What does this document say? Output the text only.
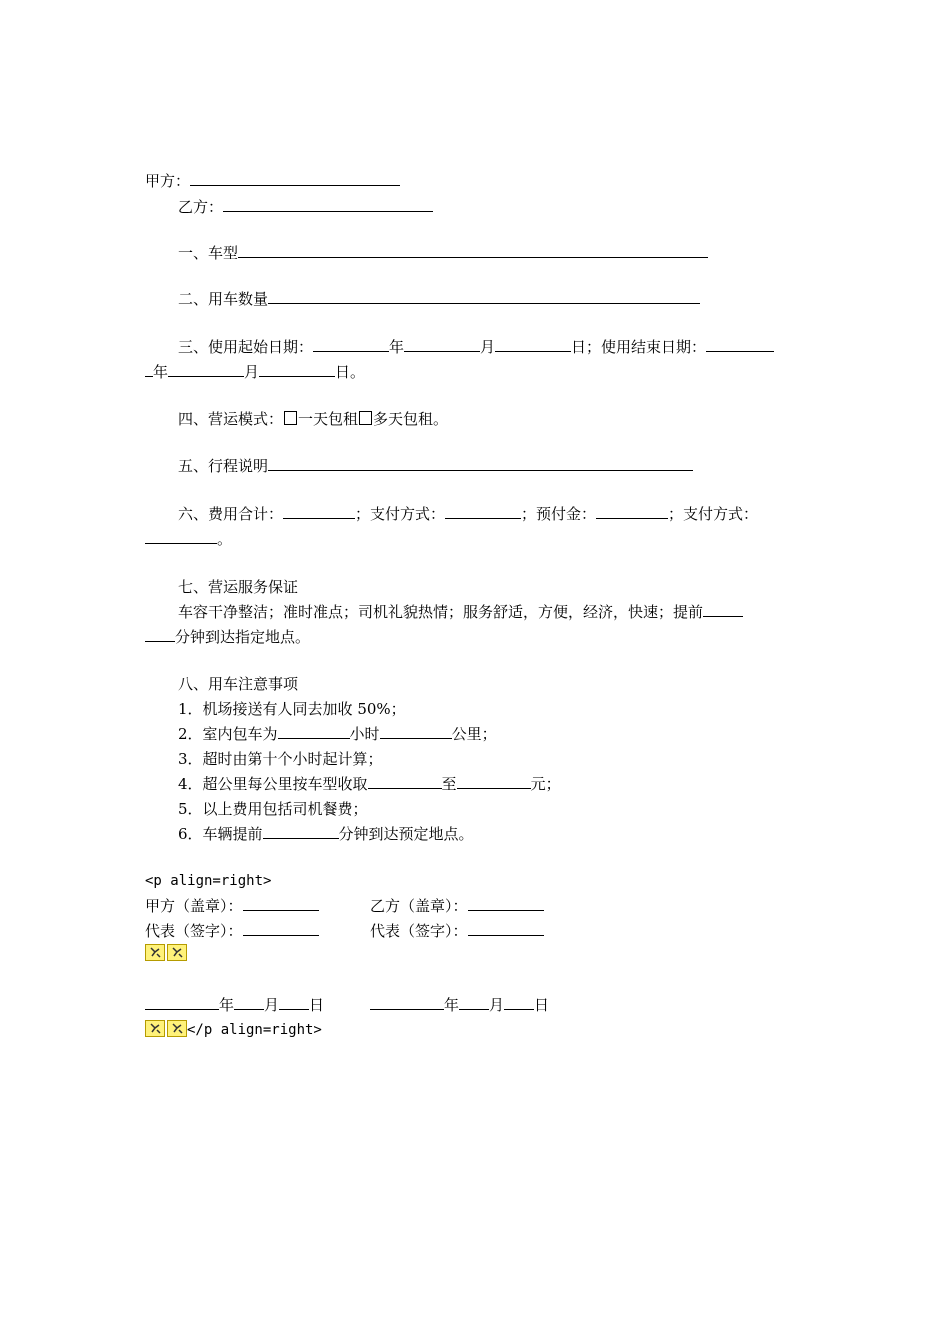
甲方：
乙方：
一、车型
二、用车数量
三、使用起始日期：	年	月	日；使用结束日期：
年	月	日。
四、营运模式： 一天包租 多天包租。
五、行程说明
六、费用合计：	；支付方式：	；预付金：	；支付方式：
。
七、营运服务保证
车容干净整洁；准时准点；司机礼貌热情；服务舒适，方便，经济，快速；提前
分钟到达指定地点。
八、用车注意事项
1．机场接送有人同去加收 50%；
2．室内包车为	小时	公里；
3．超时由第十个小时起计算；
4．超公里每公里按车型收取	至	元；
5．以上费用包括司机餐费；
6．车辆提前	分钟到达预定地点。
<p align=right>
甲方（盖章）：	乙方（盖章）：
代表（签字）：	代表（签字）：
年 月 日	年 月 日
</p align=right>
